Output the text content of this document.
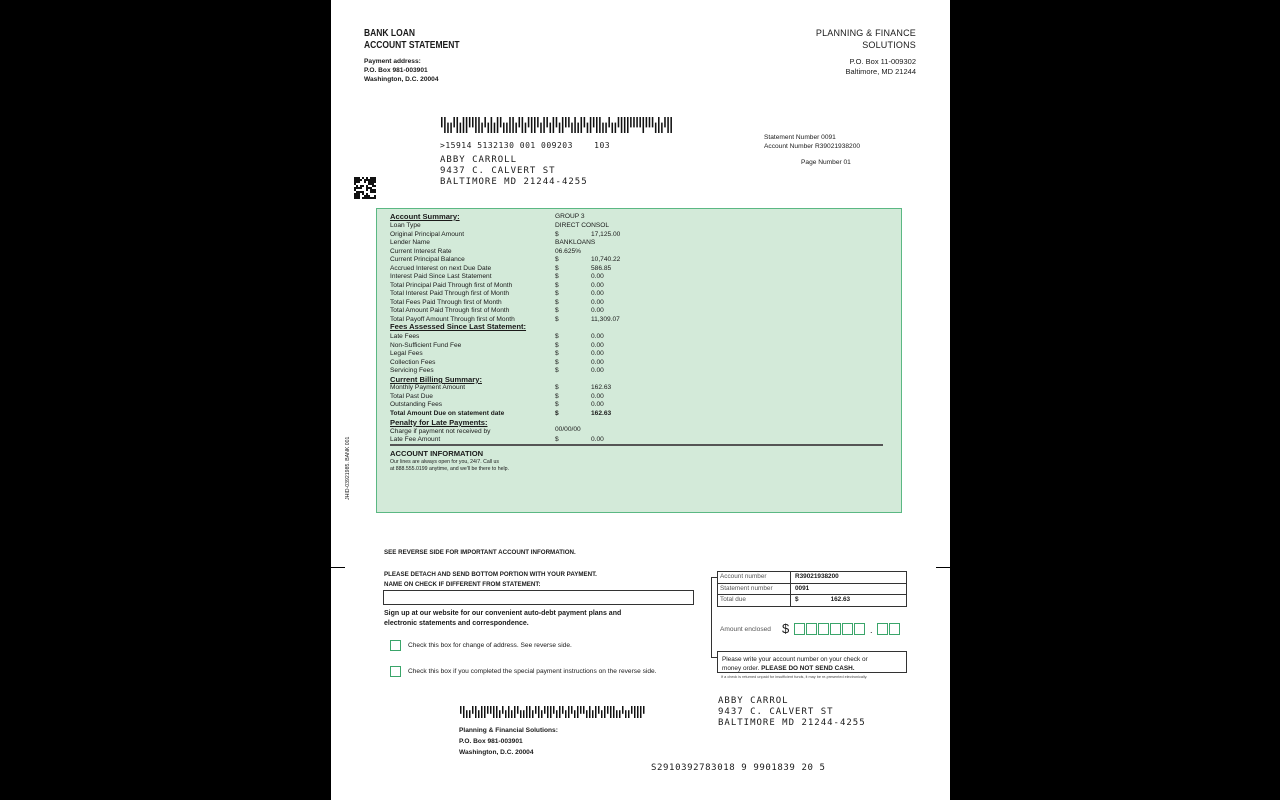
BANK LOAN
ACCOUNT STATEMENT
Payment address:
P.O. Box 981-003901
Washington, D.C. 20004
PLANNING & FINANCE
SOLUTIONS
P.O. Box 11-009302
Baltimore, MD 21244
>15914 5132130 001 009203    103
ABBY CARROLL
9437 C. CALVERT ST
BALTIMORE MD 21244-4255
Statement Number 0091
Account Number R39021938200
Page Number 01
JHID-03921985. BANK 001
Account Summary:	GROUP 3
Loan Type	DIRECT CONSOL
Original Principal Amount	$	17,125.00
Lender Name	BANKLOANS
Current Interest Rate	06.625%
Current Principal Balance	$	10,740.22
Accrued Interest on next Due Date	$	586.85
Interest Paid Since Last Statement	$	0.00
Total Principal Paid Through first of Month	$	0.00
Total Interest Paid Through first of Month	$	0.00
Total Fees Paid Through first of Month	$	0.00
Total Amount Paid Through first of Month	$	0.00
Total Payoff Amount Through first of Month	$	11,309.07
Fees Assessed Since Last Statement:
Late Fees	$	0.00
Non-Sufficient Fund Fee	$	0.00
Legal Fees	$	0.00
Collection Fees	$	0.00
Servicing Fees	$	0.00
Current Billing Summary:
Monthly Payment Amount	$	162.63
Total Past Due	$	0.00
Outstanding Fees	$	0.00
Total Amount Due on statement date	$	162.63
Penalty for Late Payments:
Charge if payment not received by	00/00/00
Late Fee Amount	$	0.00
ACCOUNT INFORMATION
Our lines are always open for you, 24/7. Call us
at 888.555.0199 anytime, and we'll be there to help.
SEE REVERSE SIDE FOR IMPORTANT ACCOUNT INFORMATION.
PLEASE DETACH AND SEND BOTTOM PORTION WITH YOUR PAYMENT.
NAME ON CHECK IF DIFFERENT FROM STATEMENT:
Sign up at our website for our convenient auto-debt payment plans and
electronic statements and correspondence.
Check this box for change of address. See reverse side.
Check this box if you completed the special payment instructions on the reverse side.
Account number	R39021938200
Statement number	0091
Total due	$	162.63
Amount enclosed $	.
Please write your account number on your check or
money order. PLEASE DO NOT SEND CASH.
If a check is returned unpaid for insufficient funds, it may be re-presented electronically.
ABBY CARROL
9437 C. CALVERT ST
BALTIMORE MD 21244-4255
Planning & Financial Solutions:
P.O. Box 981-003901
Washington, D.C. 20004
S2910392783018 9 9901839 20 5
